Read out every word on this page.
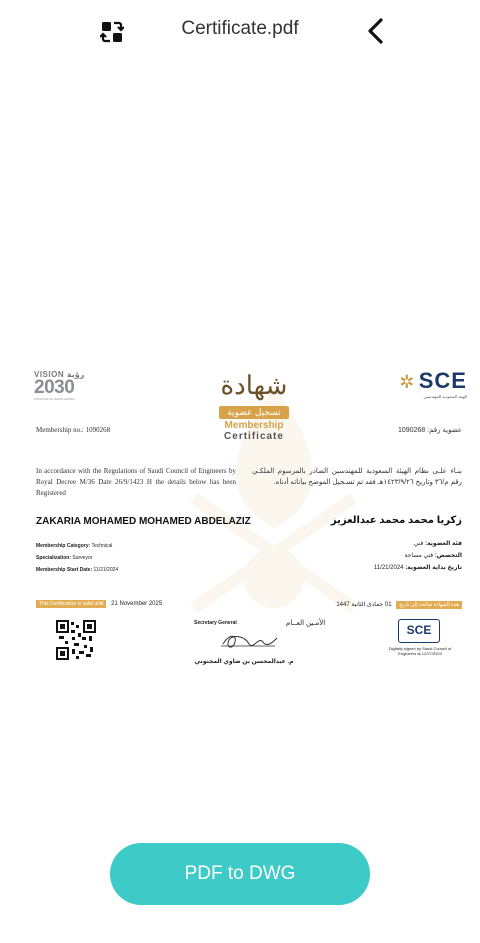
Certificate.pdf
VISION رؤية
2030
KINGDOM OF SAUDI ARABIA	شهادة
تسجيل عضوية
Membership
Certificate
✲ SCE
الهيئة السعودية للمهندسين
Membership no.: 1090268	عضوية رقم: 1090268
In accordance with the Regulations of Saudi Council of Engineers by Royal Decree M/36 Date 26/9/1423 H the details below has been Registered
بنـاء علـى نظام الهيئة السعودية للمهندسين الصادر بالمرسوم الملكـي رقم م/٣٦ وتاريخ ١٤٢٣/٩/٢٦هـ فقد تم تسـجيل الموضح بياناته أدناه.
ZAKARIA MOHAMED MOHAMED ABDELAZIZ	زكريا محمد محمد عبدالعزيز
Membership Category: Technical
Specialization: Surveyor
Membership Start Date: 11/21/2024
فئة العضوية: فني
التخصص: فني مساحة
تاريخ بداية العضوية: 11/21/2024
This Certification is valid until 21 November 2025	هذه الشهادة صالحة إلى تاريخ 01 جمادى الثانية 1447
Secretary General	الأمـين العــام
م. عبدالمحسن بن ضاوي المجنوني
SCE
Digitally signed by Saudi Council of Engineers at 12/27/2024
PDF to DWG
